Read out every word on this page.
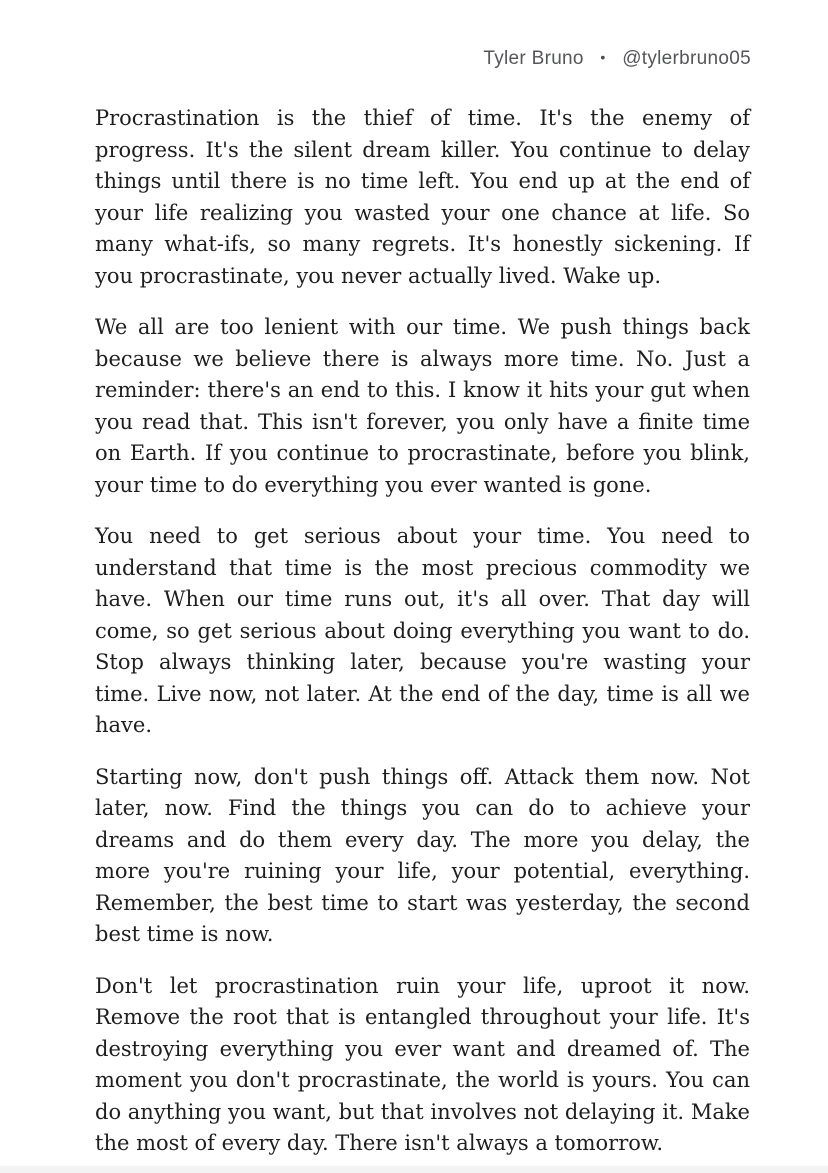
Tyler Bruno • @tylerbruno05

Procrastination is the thief of time. It's the enemy of progress. It's the silent dream killer. You continue to delay things until there is no time left. You end up at the end of your life realizing you wasted your one chance at life. So many what-ifs, so many regrets. It's honestly sickening. If you procrastinate, you never actually lived. Wake up.

We all are too lenient with our time. We push things back because we believe there is always more time. No. Just a reminder: there's an end to this. I know it hits your gut when you read that. This isn't forever, you only have a finite time on Earth. If you continue to procrastinate, before you blink, your time to do everything you ever wanted is gone.

You need to get serious about your time. You need to understand that time is the most precious commodity we have. When our time runs out, it's all over. That day will come, so get serious about doing everything you want to do. Stop always thinking later, because you're wasting your time. Live now, not later. At the end of the day, time is all we have.

Starting now, don't push things off. Attack them now. Not later, now. Find the things you can do to achieve your dreams and do them every day. The more you delay, the more you're ruining your life, your potential, everything. Remember, the best time to start was yesterday, the second best time is now.

Don't let procrastination ruin your life, uproot it now. Remove the root that is entangled throughout your life. It's destroying everything you ever want and dreamed of. The moment you don't procrastinate, the world is yours. You can do anything you want, but that involves not delaying it. Make the most of every day. There isn't always a tomorrow.
